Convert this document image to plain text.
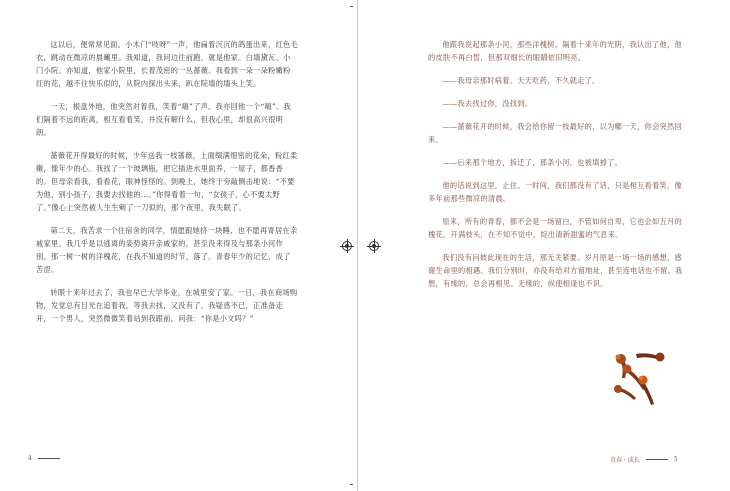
这以后，便常常见面。小木门“吱呀”一声，他扁着沉沉的鸽蛋出来，红色毛衣，跳动在微凉的晨曦里。我知道，我问边往前跑，就是他家。白墙黛瓦、小门小院。亦知道，他家小院里，长着茂密的一丛蔷薇。我看到一朵一朵粉嫩粉红的花，越不住快乐似的，从院内探出头来，趴在院墙的墙头上笑。

一天，根盘外地，他突然对着我，笑着“嗨”了声。我亦回他一个“嗨”。我们隔着不远的距离，相互看着笑，并没有解什么，但我心里，却很高兴很明朗。

蔷薇花开得最好的时候，少年送我一枝蔷薇，上面缀满细密的花朵，粉红柔嫩，像年少的心。我找了一个玻璃瓶，把它插进水里面养，一屋子，都香香的。但母亲看我，看看花，眼神怪怪的。到晚上，她终于旁敲侧击地说：“不要为他，别小孩子，我要去找他的…。”你得看着一句，“女孩子，心不要太野了。”像心上突然被人生生剜了一刀似的，那个夜里，我失眠了。

第二天，我苦求一个住宿舍的同学，情愿跟她挤一块睡，也不愿再寄居在亲戚家里。我几乎是以逃离的姿势离开亲戚家的，甚至没来得及与那条小河作别。那一树一树的洋槐花，在我不知道的时节，落了。青春年少的记忆，成了苦涩。

转眼十来年过去了，我也早已大学毕业，在城里安了家。一日，我在商场购物，发觉总有目光在追着我，等我去找，又没有了。我疑惑不已，正准备走开，一个男人，突然微微笑着站到我跟前，问我：“你是小文吗？”

4

他跟我说起那条小河，那些洋槐树。隔着十来年的光阴，我认出了他，他的皮肤不再白皙，但那双细长的眼睛依旧明亮。

——我母亲那时病着，天天吃药，不久就走了。

——我去找过你，没找到。

——蔷薇花开的时候，我会给你留一枝最好的，以为哪一天，你会突然回来。

——后来那个地方，拆迁了，那条小河，也被填掉了。

他的话说到这里，止住。一时间，我们都没有了话，只是相互看着笑，像多年前那些微凉的清晨。

原来，所有的青春，都不会是一场留白，不管如何自卑，它也会如五月的槐花，开满枝头，在不知不觉中，绽出清新甜蜜的气息来。

我们没有问彼此现在的生活，那无关紧要。岁月原是一场一场的感想，感谢生命里的相遇。我们分别时，亦没有给对方留地址，甚至连电话也不留。我想，有缘的，总会再相见。无缘的，纵使相逢也不识。

青春 · 成长	5
